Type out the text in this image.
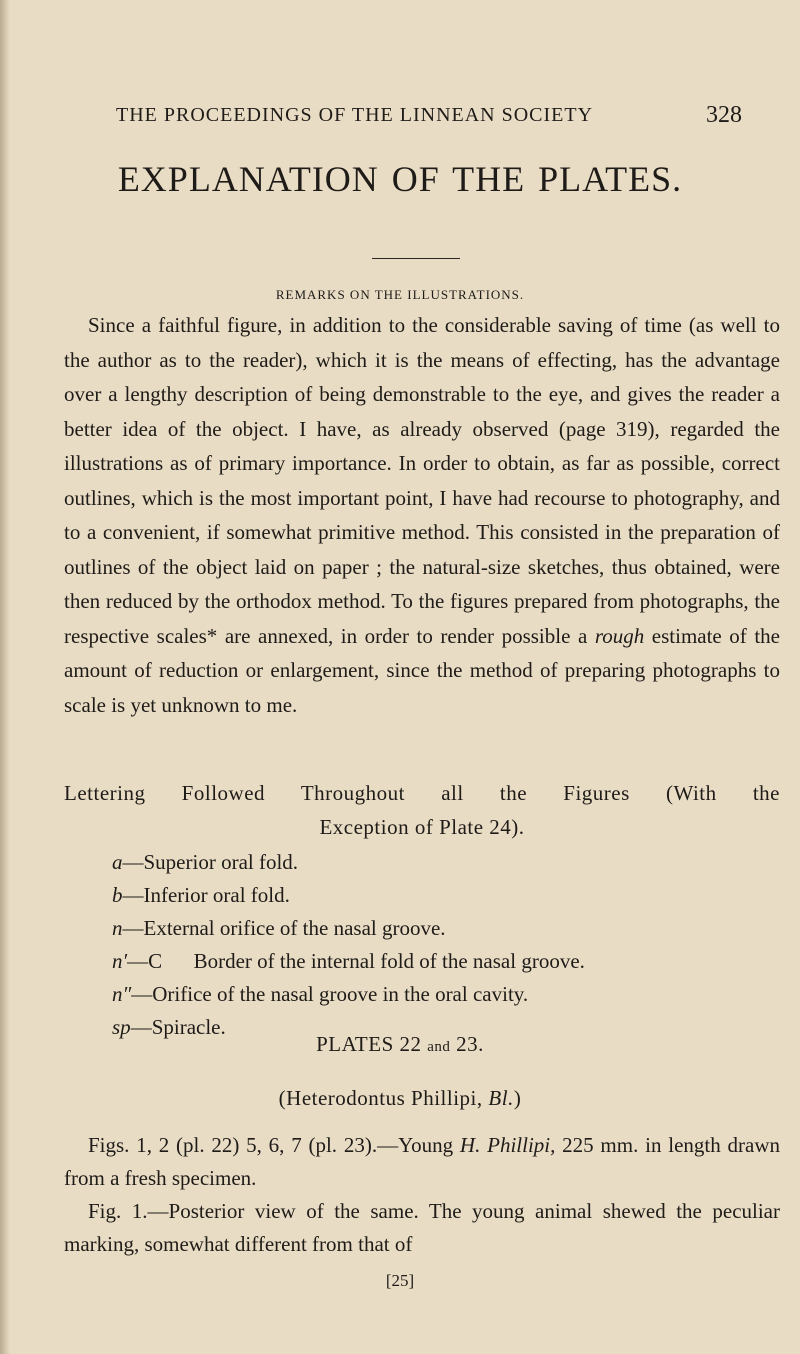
THE PROCEEDINGS OF THE LINNEAN SOCIETY	328
EXPLANATION OF THE PLATES.
REMARKS ON THE ILLUSTRATIONS.

Since a faithful figure, in addition to the considerable saving of time (as well to the author as to the reader), which it is the means of effecting, has the advantage over a lengthy description of being demonstrable to the eye, and gives the reader a better idea of the object. I have, as already observed (page 319), regarded the illustrations as of primary importance. In order to obtain, as far as possible, correct outlines, which is the most important point, I have had recourse to photography, and to a convenient, if somewhat primitive method. This consisted in the preparation of outlines of the object laid on paper ; the natural-size sketches, thus obtained, were then reduced by the orthodox method. To the figures prepared from photographs, the respective scales* are annexed, in order to render possible a rough estimate of the amount of reduction or enlargement, since the method of preparing photographs to scale is yet unknown to me.

Lettering Followed Throughout all the Figures (With the
Exception of Plate 24).
a—Superior oral fold.
b—Inferior oral fold.
n—External orifice of the nasal groove.
n′—C      Border of the internal fold of the nasal groove.
n″—Orifice of the nasal groove in the oral cavity.
sp—Spiracle.
PLATES 22 and 23.
(Heterodontus Phillipi, Bl.)

Figs. 1, 2 (pl. 22) 5, 6, 7 (pl. 23).—Young H. Phillipi, 225 mm. in length drawn from a fresh specimen.

Fig. 1.—Posterior view of the same. The young animal shewed the peculiar marking, somewhat different from that of

[25]
